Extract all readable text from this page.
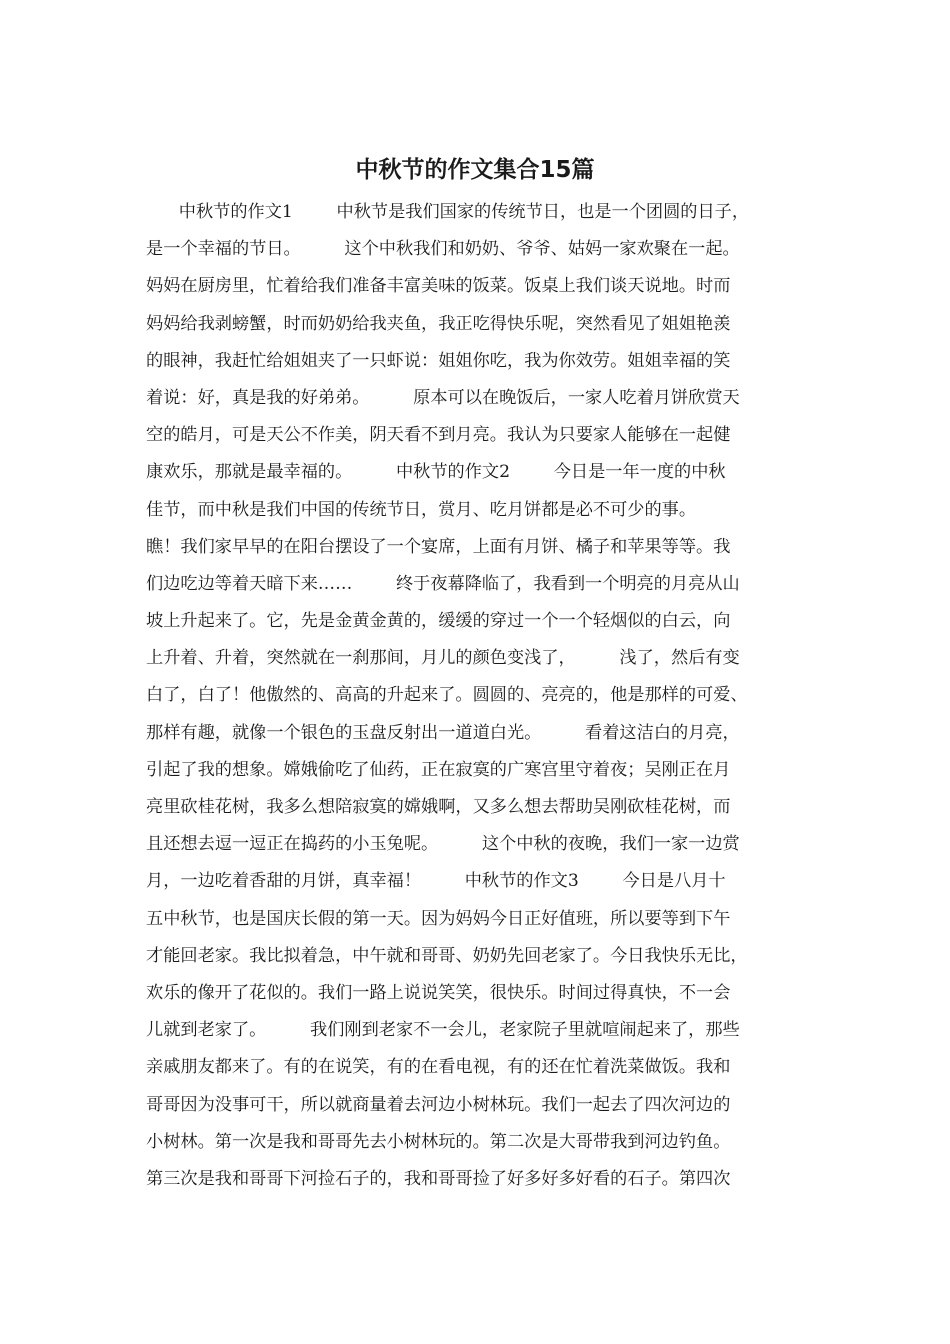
中秋节的作文集合15篇
中秋节的作文1        中秋节是我们国家的传统节日，也是一个团圆的日子，
是一个幸福的节日。        这个中秋我们和奶奶、爷爷、姑妈一家欢聚在一起。
妈妈在厨房里，忙着给我们准备丰富美味的饭菜。饭桌上我们谈天说地。时而
妈妈给我剥螃蟹，时而奶奶给我夹鱼，我正吃得快乐呢，突然看见了姐姐艳羡
的眼神，我赶忙给姐姐夹了一只虾说：姐姐你吃，我为你效劳。姐姐幸福的笑
着说：好，真是我的好弟弟。        原本可以在晚饭后，一家人吃着月饼欣赏天
空的皓月，可是天公不作美，阴天看不到月亮。我认为只要家人能够在一起健
康欢乐，那就是最幸福的。        中秋节的作文2        今日是一年一度的中秋
佳节，而中秋是我们中国的传统节日，赏月、吃月饼都是必不可少的事。
瞧！我们家早早的在阳台摆设了一个宴席，上面有月饼、橘子和苹果等等。我
们边吃边等着天暗下来……        终于夜幕降临了，我看到一个明亮的月亮从山
坡上升起来了。它，先是金黄金黄的，缓缓的穿过一个一个轻烟似的白云，向
上升着、升着，突然就在一刹那间，月儿的颜色变浅了，        浅了，然后有变
白了，白了！他傲然的、高高的升起来了。圆圆的、亮亮的，他是那样的可爱、
那样有趣，就像一个银色的玉盘反射出一道道白光。        看着这洁白的月亮，
引起了我的想象。嫦娥偷吃了仙药，正在寂寞的广寒宫里守着夜；吴刚正在月
亮里砍桂花树，我多么想陪寂寞的嫦娥啊，又多么想去帮助吴刚砍桂花树，而
且还想去逗一逗正在捣药的小玉兔呢。        这个中秋的夜晚，我们一家一边赏
月，一边吃着香甜的月饼，真幸福！        中秋节的作文3        今日是八月十
五中秋节，也是国庆长假的第一天。因为妈妈今日正好值班，所以要等到下午
才能回老家。我比拟着急，中午就和哥哥、奶奶先回老家了。今日我快乐无比，
欢乐的像开了花似的。我们一路上说说笑笑，很快乐。时间过得真快，不一会
儿就到老家了。        我们刚到老家不一会儿，老家院子里就喧闹起来了，那些
亲戚朋友都来了。有的在说笑，有的在看电视，有的还在忙着洗菜做饭。我和
哥哥因为没事可干，所以就商量着去河边小树林玩。我们一起去了四次河边的
小树林。第一次是我和哥哥先去小树林玩的。第二次是大哥带我到河边钓鱼。
第三次是我和哥哥下河捡石子的，我和哥哥捡了好多好多好看的石子。第四次
